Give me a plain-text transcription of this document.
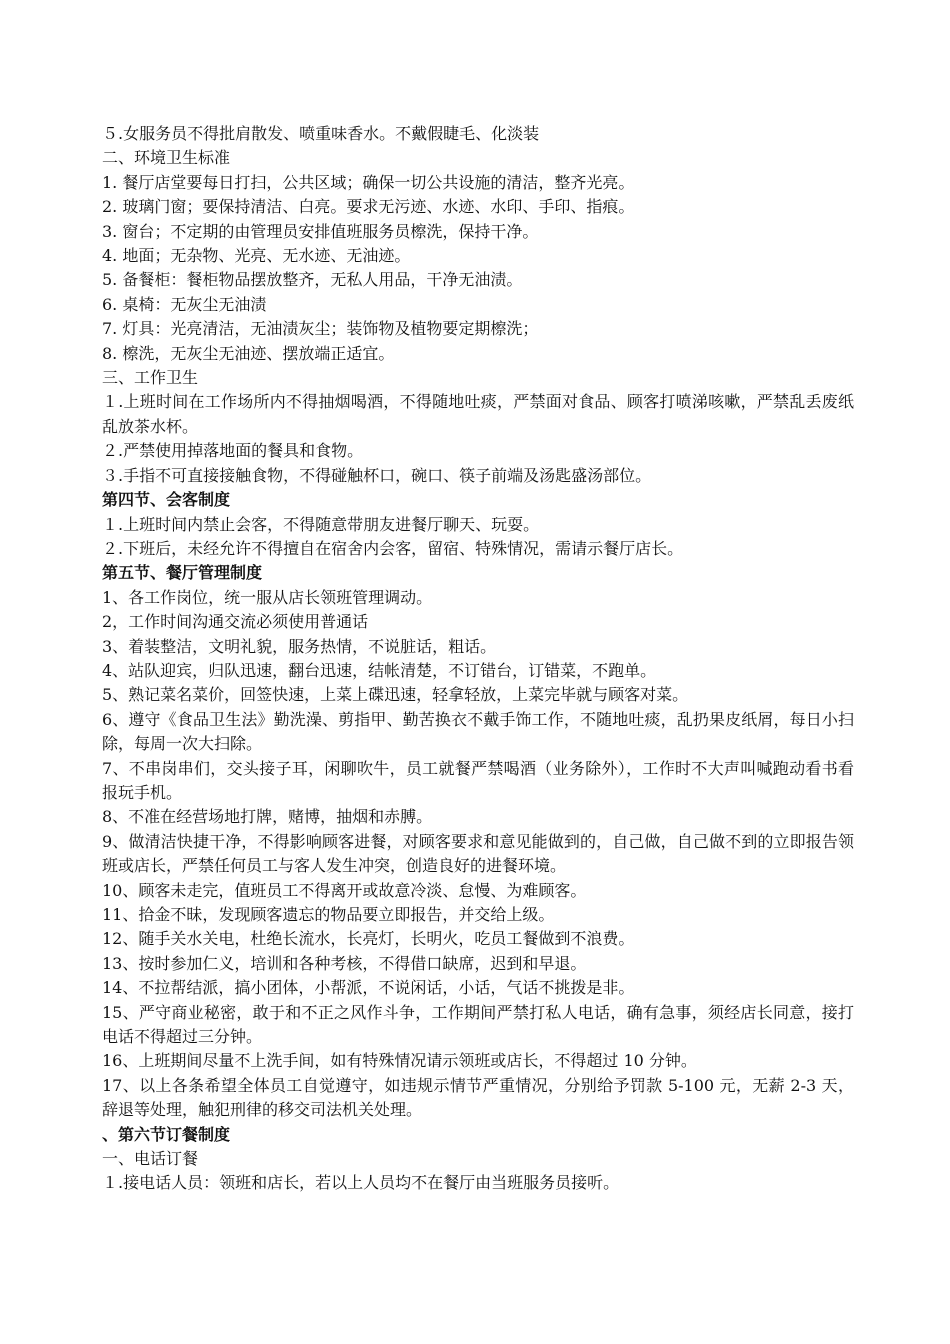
５.女服务员不得批肩散发、喷重味香水。不戴假睫毛、化淡装
二、环境卫生标准
1. 餐厅店堂要每日打扫，公共区域；确保一切公共设施的清洁，整齐光亮。
2. 玻璃门窗；要保持清洁、白亮。要求无污迹、水迹、水印、手印、指痕。
3. 窗台；不定期的由管理员安排值班服务员檫洗，保持干净。
4. 地面；无杂物、光亮、无水迹、无油迹。
5. 备餐柜：餐柜物品摆放整齐，无私人用品，干净无油渍。
6. 桌椅：无灰尘无油渍
7. 灯具：光亮清洁，无油渍灰尘；装饰物及植物要定期檫洗；
8. 檫洗，无灰尘无油迹、摆放端正适宜。
三、工作卫生
１.上班时间在工作场所内不得抽烟喝酒，不得随地吐痰，严禁面对食品、顾客打喷涕咳嗽，严禁乱丢废纸乱放茶水杯。
２.严禁使用掉落地面的餐具和食物。
３.手指不可直接接触食物，不得碰触杯口，碗口、筷子前端及汤匙盛汤部位。
第四节、会客制度
１.上班时间内禁止会客，不得随意带朋友进餐厅聊天、玩耍。
２.下班后，未经允许不得擅自在宿舍内会客，留宿、特殊情况，需请示餐厅店长。
第五节、餐厅管理制度
1、各工作岗位，统一服从店长领班管理调动。
2，工作时间沟通交流必须使用普通话
3、着装整洁，文明礼貌，服务热情，不说脏话，粗话。
4、站队迎宾，归队迅速，翻台迅速，结帐清楚，不订错台，订错菜，不跑单。
5、熟记菜名菜价，回签快速，上菜上碟迅速，轻拿轻放，上菜完毕就与顾客对菜。
6、遵守《食品卫生法》勤洗澡、剪指甲、勤苦换衣不戴手饰工作，不随地吐痰，乱扔果皮纸屑，每日小扫除，每周一次大扫除。
7、不串岗串们，交头接子耳，闲聊吹牛，员工就餐严禁喝酒（业务除外），工作时不大声叫喊跑动看书看报玩手机。
8、不准在经营场地打牌，赌博，抽烟和赤膊。
9、做清洁快捷干净，不得影响顾客进餐，对顾客要求和意见能做到的，自己做，自己做不到的立即报告领班或店长，严禁任何员工与客人发生冲突，创造良好的进餐环境。
10、顾客未走完，值班员工不得离开或故意冷淡、怠慢、为难顾客。
11、拾金不昧，发现顾客遗忘的物品要立即报告，并交给上级。
12、随手关水关电，杜绝长流水，长亮灯，长明火，吃员工餐做到不浪费。
13、按时参加仁义，培训和各种考核，不得借口缺席，迟到和早退。
14、不拉帮结派，搞小团体，小帮派，不说闲话，小话，气话不挑拨是非。
15、严守商业秘密，敢于和不正之风作斗争，工作期间严禁打私人电话，确有急事，须经店长同意，接打电话不得超过三分钟。
16、上班期间尽量不上洗手间，如有特殊情况请示领班或店长，不得超过 10 分钟。
17、以上各条希望全体员工自觉遵守，如违规示情节严重情况，分别给予罚款 5-100 元，无薪 2-3 天，辞退等处理，触犯刑律的移交司法机关处理。
、第六节订餐制度
一、电话订餐
１.接电话人员：领班和店长，若以上人员均不在餐厅由当班服务员接听。
